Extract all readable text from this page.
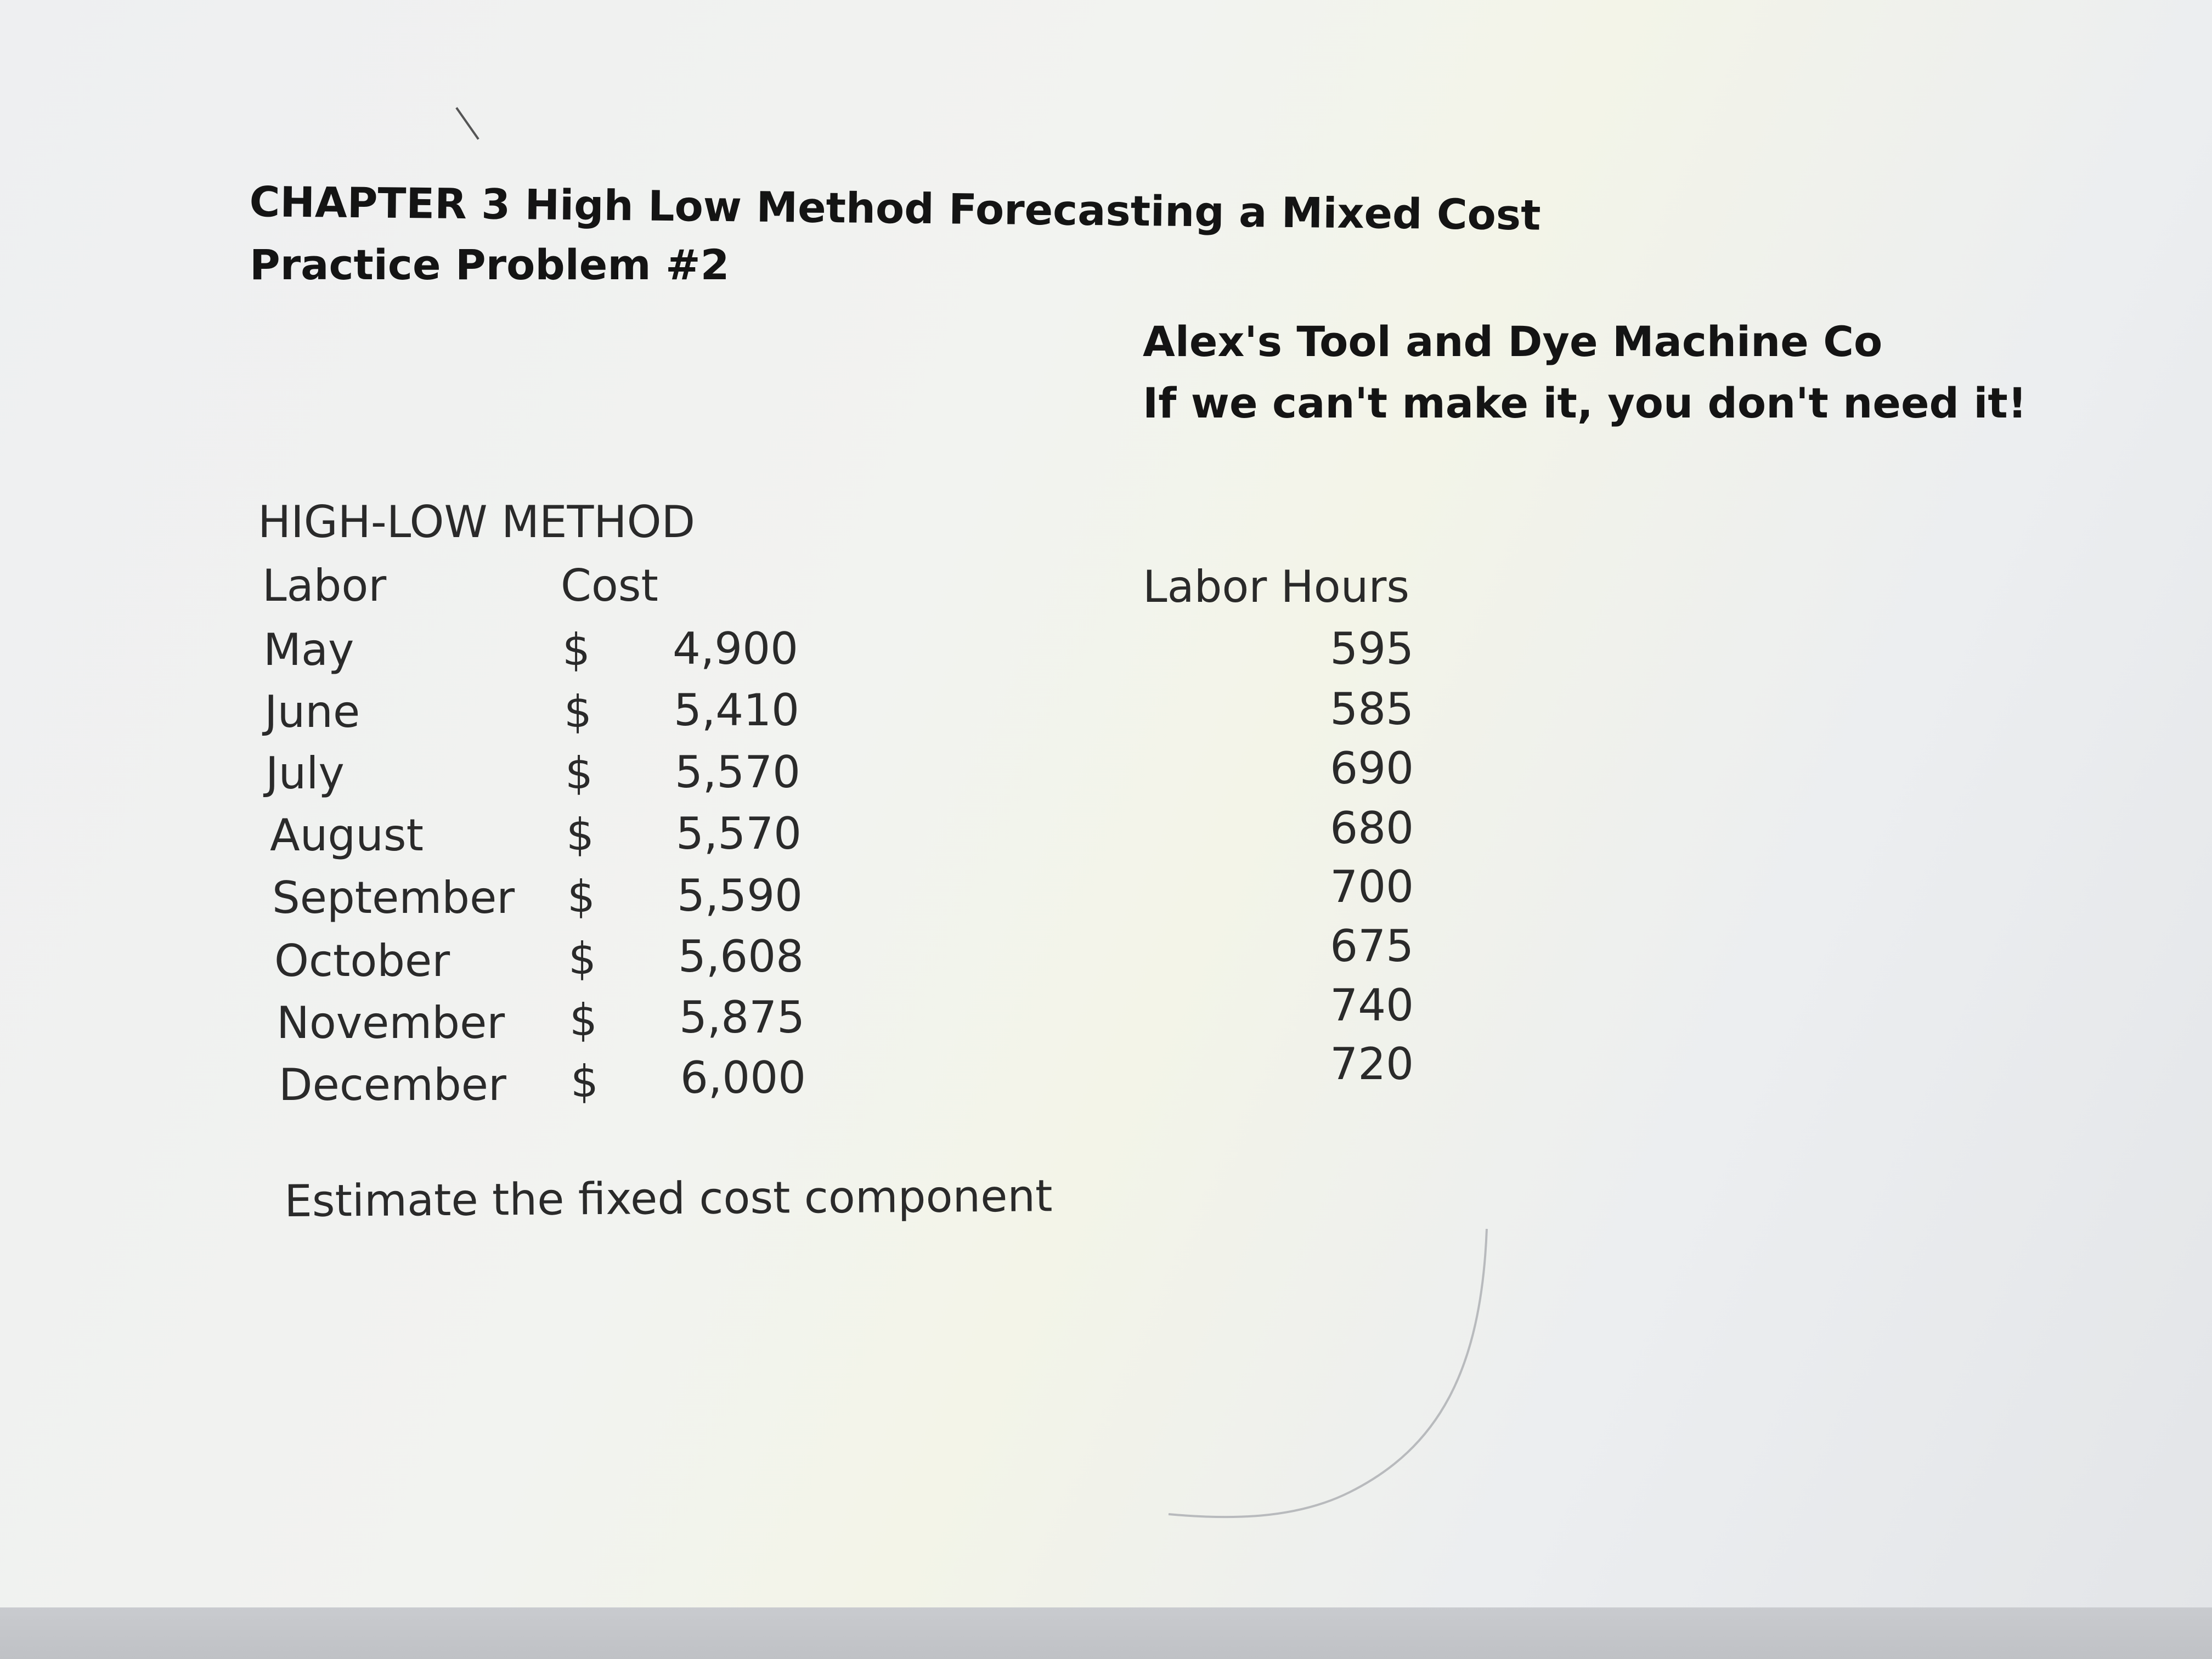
CHAPTER 3 High Low Method Forecasting a Mixed Cost
Practice Problem #2
Alex's Tool and Dye Machine Co
If we can't make it, you don't need it!
HIGH-LOW METHOD
Labor	Cost	Labor Hours
May	$	4,900	595
June	$	5,410	585
July	$	5,570	690
August	$	5,570	680
September $	5,590	700
October	$	5,608	675
November $	5,875	740
December $	6,000	720
Estimate the fixed cost component
